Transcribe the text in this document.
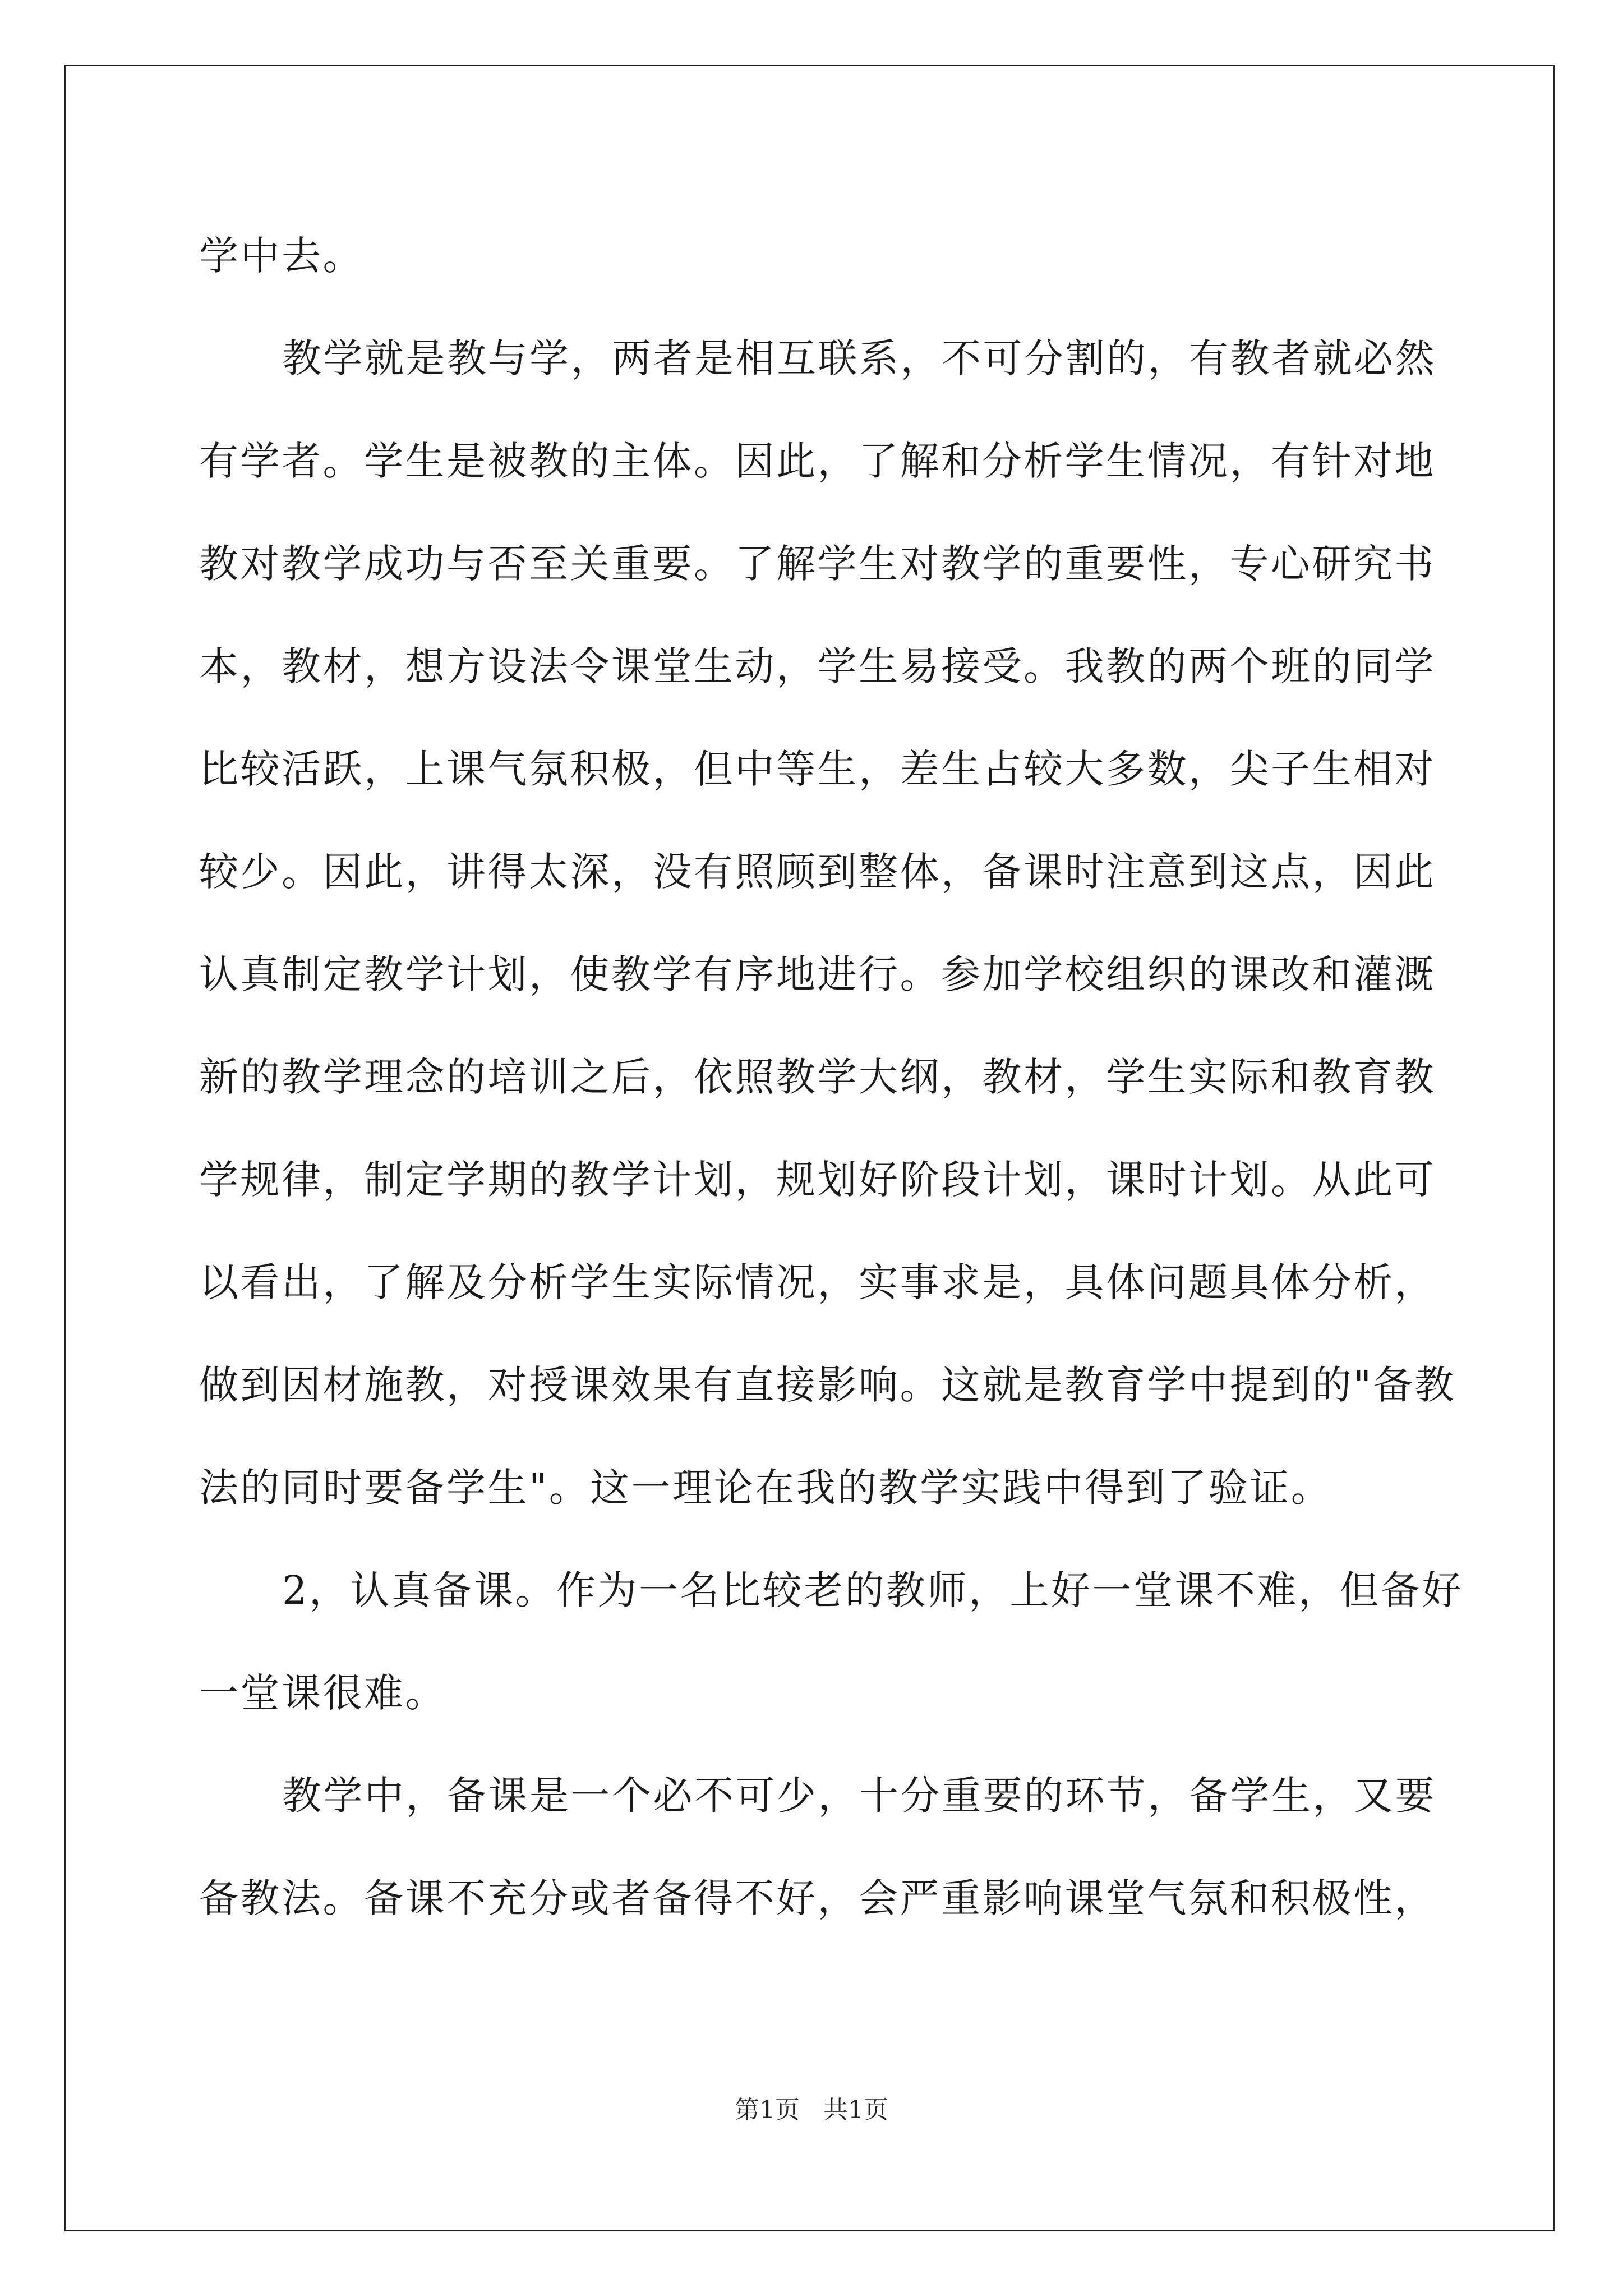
学中去。
教学就是教与学，两者是相互联系，不可分割的，有教者就必然
有学者。学生是被教的主体。因此，了解和分析学生情况，有针对地
教对教学成功与否至关重要。了解学生对教学的重要性，专心研究书
本，教材，想方设法令课堂生动，学生易接受。我教的两个班的同学
比较活跃，上课气氛积极，但中等生，差生占较大多数，尖子生相对
较少。因此，讲得太深，没有照顾到整体，备课时注意到这点，因此
认真制定教学计划，使教学有序地进行。参加学校组织的课改和灌溉
新的教学理念的培训之后，依照教学大纲，教材，学生实际和教育教
学规律，制定学期的教学计划，规划好阶段计划，课时计划。从此可
以看出，了解及分析学生实际情况，实事求是，具体问题具体分析，
做到因材施教，对授课效果有直接影响。这就是教育学中提到的"备教
法的同时要备学生"。这一理论在我的教学实践中得到了验证。
2，认真备课。作为一名比较老的教师，上好一堂课不难，但备好
一堂课很难。
教学中，备课是一个必不可少，十分重要的环节，备学生，又要
备教法。备课不充分或者备得不好，会严重影响课堂气氛和积极性，
第1页 共1页
